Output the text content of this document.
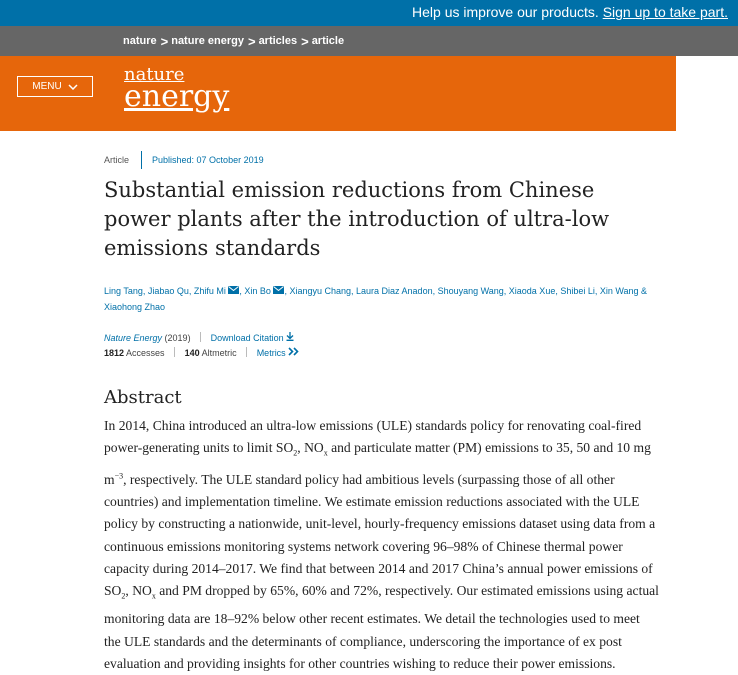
Help us improve our products. Sign up to take part.
nature > nature energy > articles > article
MENU
nature
energy
Article	Published: 07 October 2019
Substantial emission reductions from Chinese power plants after the introduction of ultra-low emissions standards
Ling Tang, Jiabao Qu, Zhifu Mi , Xin Bo , Xiangyu Chang, Laura Diaz Anadon, Shouyang Wang, Xiaoda Xue, Shibei Li, Xin Wang & Xiaohong Zhao
Nature Energy (2019) Download Citation
1812 Accesses 140 Altmetric Metrics
Abstract

In 2014, China introduced an ultra-low emissions (ULE) standards policy for renovating coal-fired
power-generating units to limit $SO_2$, $NO_x$ and particulate matter (PM) emissions to 35, 50 and 10 mg
$m^{-3}$, respectively. The ULE standard policy had ambitious levels (surpassing those of all other
countries) and implementation timeline. We estimate emission reductions associated with the ULE
policy by constructing a nationwide, unit-level, hourly-frequency emissions dataset using data from a
continuous emissions monitoring systems network covering 96–98% of Chinese thermal power
capacity during 2014–2017. We find that between 2014 and 2017 China’s annual power emissions of
$SO_2$, $NO_x$ and PM dropped by 65%, 60% and 72%, respectively. Our estimated emissions using actual
monitoring data are 18–92% below other recent estimates. We detail the technologies used to meet
the ULE standards and the determinants of compliance, underscoring the importance of ex post
evaluation and providing insights for other countries wishing to reduce their power emissions.
